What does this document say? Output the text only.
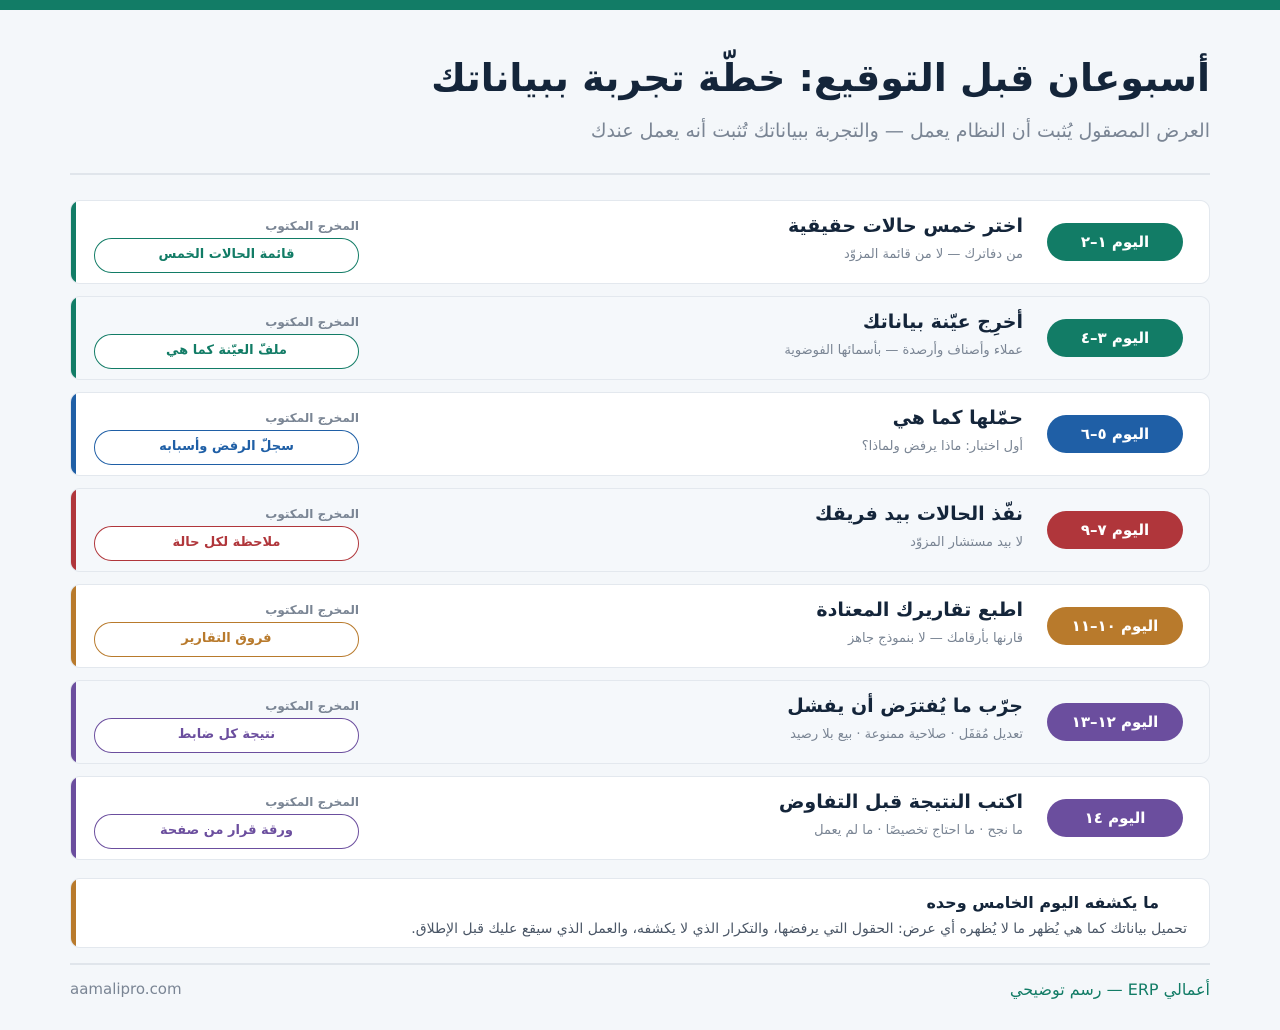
أسبوعان قبل التوقيع: خطّة تجربة ببياناتك

العرض المصقول يُثبت أن النظام يعمل — والتجربة ببياناتك تُثبت أنه يعمل عندك

اليوم ١–٢
اختر خمس حالات حقيقية
من دفاترك — لا من قائمة المزوّد
المخرج المكتوب
قائمة الحالات الخمس
اليوم ٣–٤
أخرِج عيّنة بياناتك
عملاء وأصناف وأرصدة — بأسمائها الفوضوية
المخرج المكتوب
ملفّ العيّنة كما هي
اليوم ٥–٦
حمّلها كما هي
أول اختبار: ماذا يرفض ولماذا؟
المخرج المكتوب
سجلّ الرفض وأسبابه
اليوم ٧–٩
نفّذ الحالات بيد فريقك
لا بيد مستشار المزوّد
المخرج المكتوب
ملاحظة لكل حالة
اليوم ١٠–١١
اطبع تقاريرك المعتادة
قارنها بأرقامك — لا بنموذج جاهز
المخرج المكتوب
فروق التقارير
اليوم ١٢–١٣
جرّب ما يُفترَض أن يفشل
تعديل مُقفَل · صلاحية ممنوعة · بيع بلا رصيد
المخرج المكتوب
نتيجة كل ضابط
اليوم ١٤
اكتب النتيجة قبل التفاوض
ما نجح · ما احتاج تخصيصًا · ما لم يعمل
المخرج المكتوب
ورقة قرار من صفحة
ما يكشفه اليوم الخامس وحده
تحميل بياناتك كما هي يُظهر ما لا يُظهره أي عرض: الحقول التي يرفضها، والتكرار الذي لا يكشفه، والعمل الذي سيقع عليك قبل الإطلاق.
أعمالي ERP — رسم توضيحي
aamalipro.com
